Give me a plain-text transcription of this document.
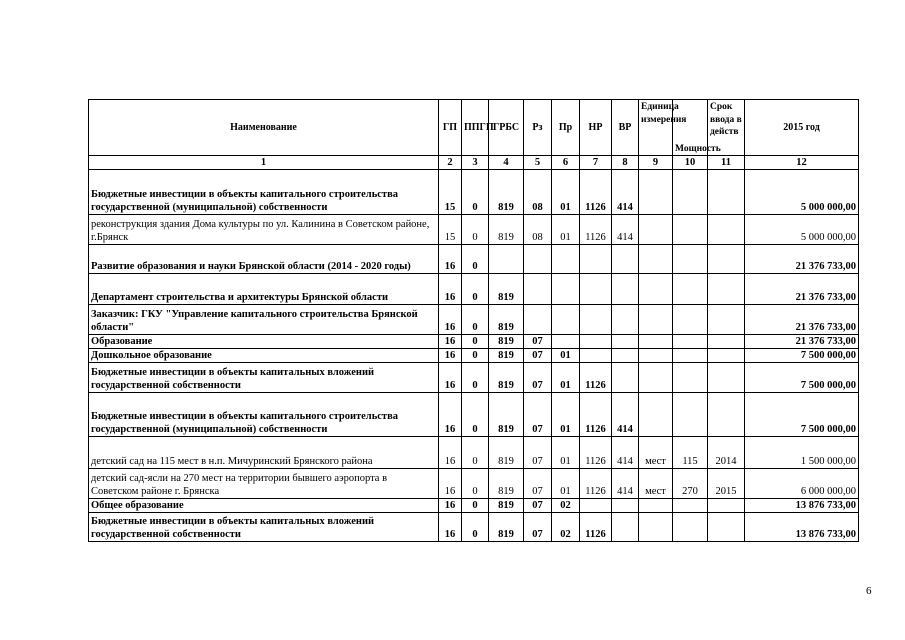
Наименование	ГП	ППГП	ГРБС	Рз	Пр	НР	ВР	Единица измерения	Мощность	Срок ввода в действ	2015 год
1	2	3	4	5	6	7	8	9	10	11	12
Бюджетные инвестиции в объекты капитального строительства государственной (муниципальной) собственности	15	0	819	08	01	1126	414				5 000 000,00
реконструкция здания Дома культуры по ул. Калинина в Советском районе, г.Брянск	15	0	819	08	01	1126	414				5 000 000,00
Развитие образования и науки Брянской области (2014 - 2020 годы)	16	0									21 376 733,00
Департамент строительства и архитектуры Брянской области	16	0	819								21 376 733,00
Заказчик: ГКУ "Управление капитального строительства Брянской области"	16	0	819								21 376 733,00
Образование	16	0	819	07							21 376 733,00
Дошкольное образование	16	0	819	07	01						7 500 000,00
Бюджетные инвестиции в объекты капитальных вложений государственной собственности	16	0	819	07	01	1126					7 500 000,00
Бюджетные инвестиции в объекты капитального строительства государственной (муниципальной) собственности	16	0	819	07	01	1126	414				7 500 000,00
детский сад на 115 мест в н.п. Мичуринский Брянского района	16	0	819	07	01	1126	414	мест	115	2014	1 500 000,00
детский сад-ясли на 270 мест на территории бывшего аэропорта в Советском районе г. Брянска	16	0	819	07	01	1126	414	мест	270	2015	6 000 000,00
Общее образование	16	0	819	07	02						13 876 733,00
Бюджетные инвестиции в объекты капитальных вложений государственной собственности	16	0	819	07	02	1126					13 876 733,00
6
